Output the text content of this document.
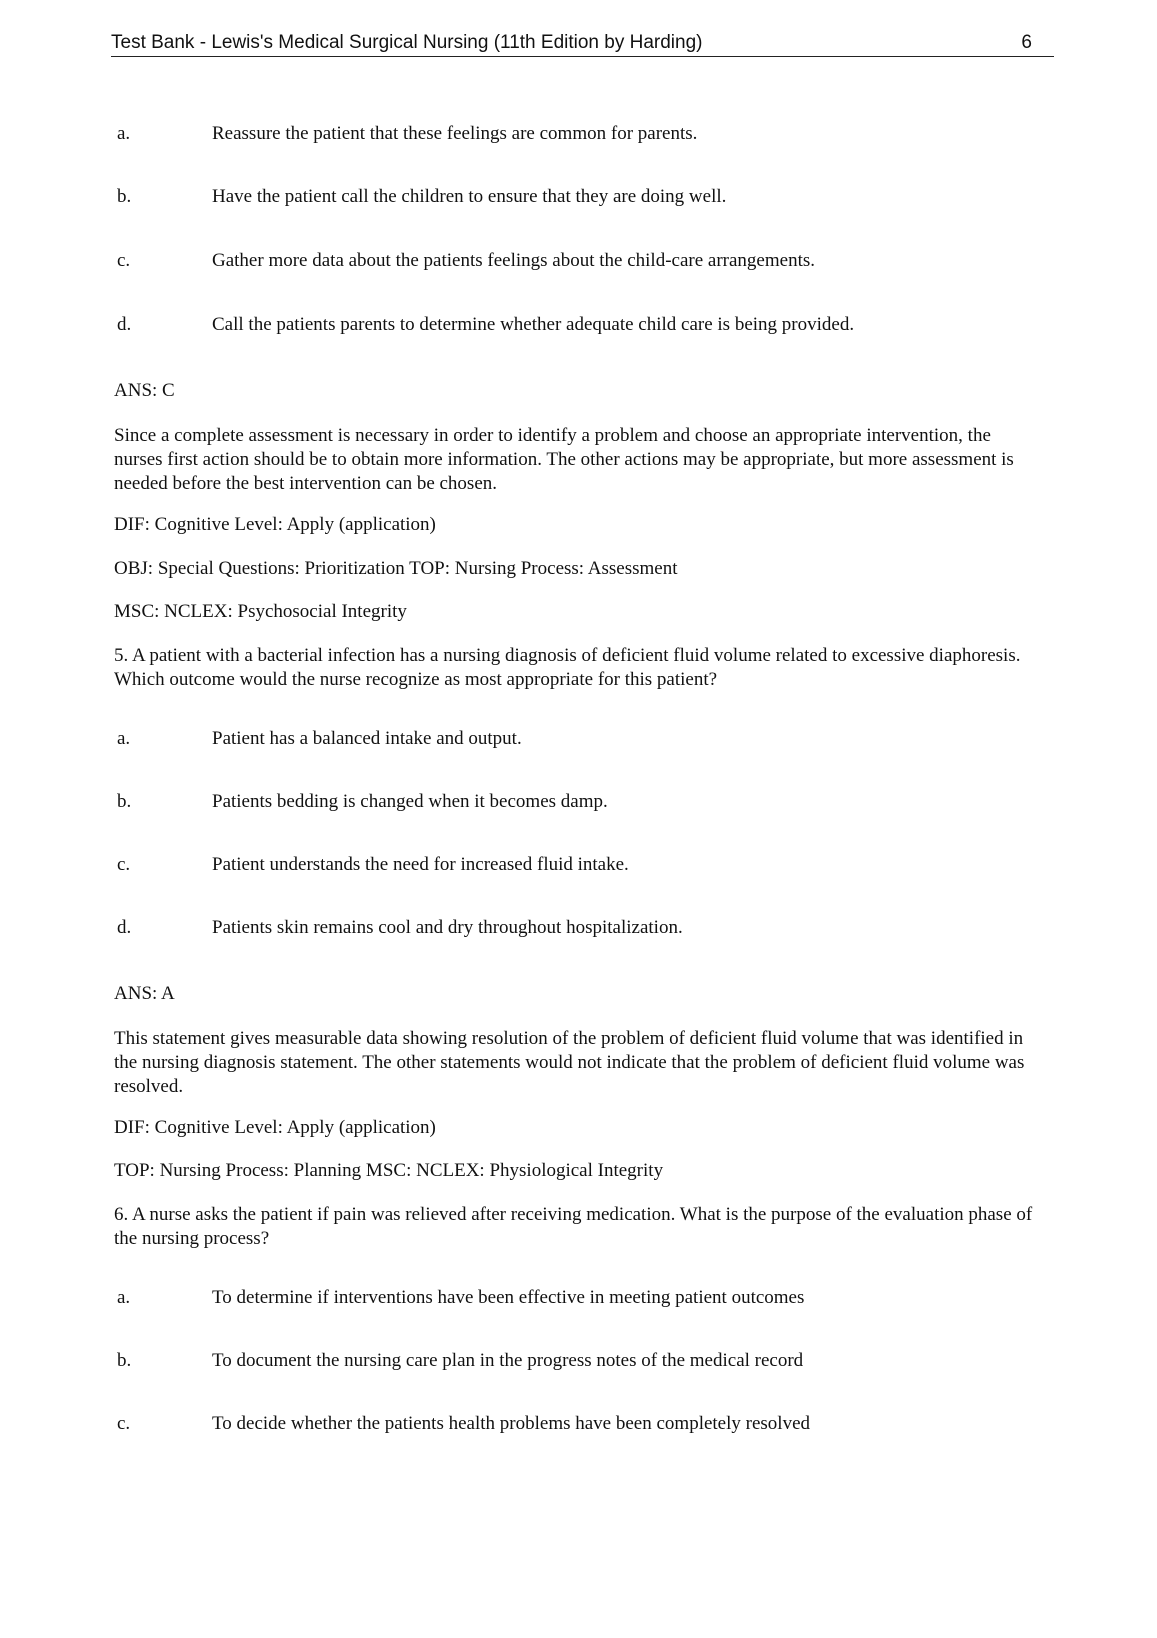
Test Bank - Lewis's Medical Surgical Nursing (11th Edition by Harding)	6
a.	Reassure the patient that these feelings are common for parents.
b.	Have the patient call the children to ensure that they are doing well.
c.	Gather more data about the patients feelings about the child-care arrangements.
d.	Call the patients parents to determine whether adequate child care is being provided.

ANS: C

Since a complete assessment is necessary in order to identify a problem and choose an appropriate intervention, the nurses first action should be to obtain more information. The other actions may be appropriate, but more assessment is needed before the best intervention can be chosen.

DIF: Cognitive Level: Apply (application)

OBJ: Special Questions: Prioritization TOP: Nursing Process: Assessment

MSC: NCLEX: Psychosocial Integrity

5. A patient with a bacterial infection has a nursing diagnosis of deficient fluid volume related to excessive diaphoresis. Which outcome would the nurse recognize as most appropriate for this patient?

a.	Patient has a balanced intake and output.
b.	Patients bedding is changed when it becomes damp.
c.	Patient understands the need for increased fluid intake.
d.	Patients skin remains cool and dry throughout hospitalization.

ANS: A

This statement gives measurable data showing resolution of the problem of deficient fluid volume that was identified in the nursing diagnosis statement. The other statements would not indicate that the problem of deficient fluid volume was resolved.

DIF: Cognitive Level: Apply (application)

TOP: Nursing Process: Planning MSC: NCLEX: Physiological Integrity

6. A nurse asks the patient if pain was relieved after receiving medication. What is the purpose of the evaluation phase of the nursing process?

a.	To determine if interventions have been effective in meeting patient outcomes
b.	To document the nursing care plan in the progress notes of the medical record
c.	To decide whether the patients health problems have been completely resolved
